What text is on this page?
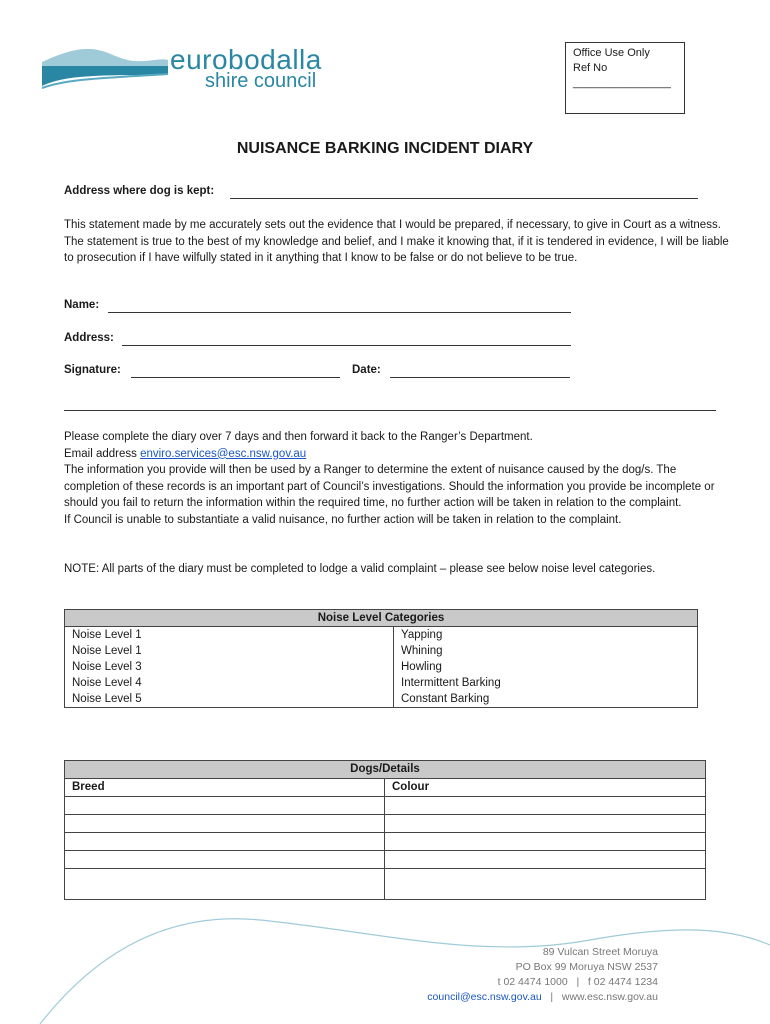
eurobodalla
shire council
Office Use Only
Ref No
________________
NUISANCE BARKING INCIDENT DIARY
Address where dog is kept:
This statement made by me accurately sets out the evidence that I would be prepared, if necessary, to give in Court as a witness. The statement is true to the best of my knowledge and belief, and I make it knowing that, if it is tendered in evidence, I will be liable to prosecution if I have wilfully stated in it anything that I know to be false or do not believe to be true.
Name:
Address:
Signature:	Date:
Please complete the diary over 7 days and then forward it back to the Ranger’s Department.
Email address enviro.services@esc.nsw.gov.au
The information you provide will then be used by a Ranger to determine the extent of nuisance caused by the dog/s. The completion of these records is an important part of Council’s investigations. Should the information you provide be incomplete or should you fail to return the information within the required time, no further action will be taken in relation to the complaint.
If Council is unable to substantiate a valid nuisance, no further action will be taken in relation to the complaint.
NOTE: All parts of the diary must be completed to lodge a valid complaint – please see below noise level categories.
Noise Level Categories	
Noise Level 1	Yapping
Noise Level 1	Whining
Noise Level 3	Howling
Noise Level 4	Intermittent Barking
Noise Level 5	Constant Barking
Dogs/Details	
Breed	Colour

89 Vulcan Street Moruya
PO Box 99 Moruya NSW 2537
t 02 4474 1000   |   f 02 4474 1234
council@esc.nsw.gov.au   |   www.esc.nsw.gov.au
